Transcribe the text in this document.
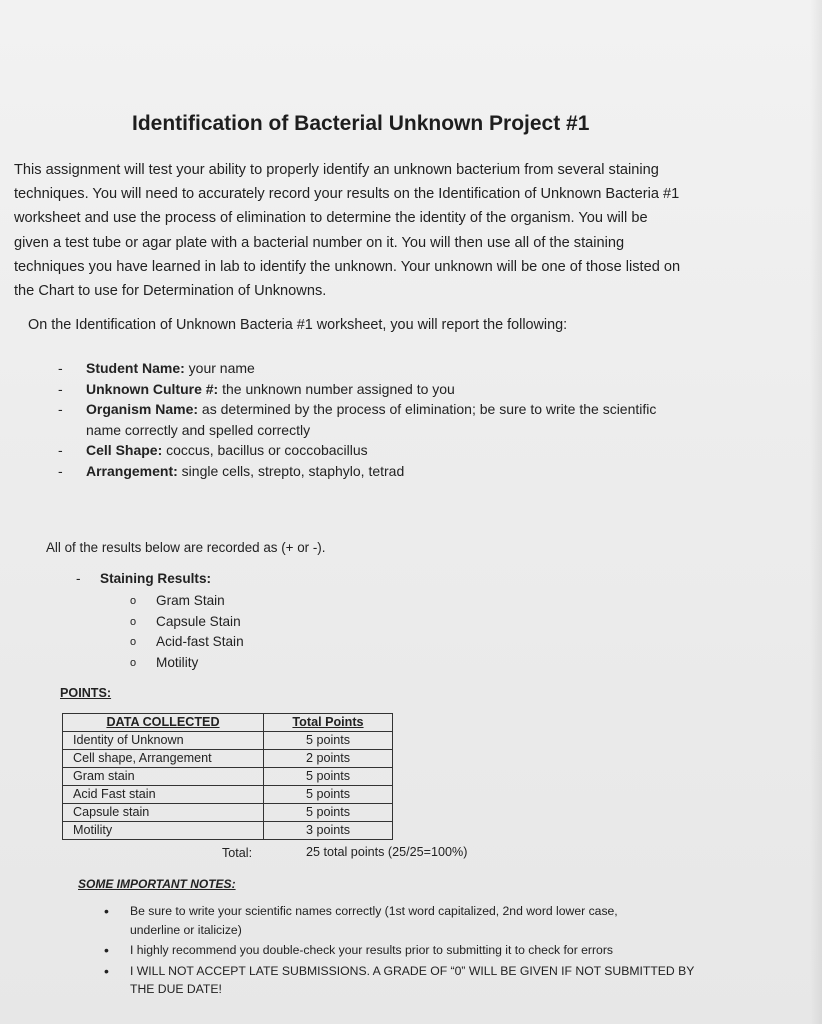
Identification of Bacterial Unknown Project #1
This assignment will test your ability to properly identify an unknown bacterium from several staining
techniques. You will need to accurately record your results on the Identification of Unknown Bacteria #1
worksheet and use the process of elimination to determine the identity of the organism. You will be
given a test tube or agar plate with a bacterial number on it. You will then use all of the staining
techniques you have learned in lab to identify the unknown. Your unknown will be one of those listed on
the Chart to use for Determination of Unknowns.
On the Identification of Unknown Bacteria #1 worksheet, you will report the following:
- Student Name: your name
- Unknown Culture #: the unknown number assigned to you
- Organism Name: as determined by the process of elimination; be sure to write the scientific
name correctly and spelled correctly
- Cell Shape: coccus, bacillus or coccobacillus
- Arrangement: single cells, strepto, staphylo, tetrad
All of the results below are recorded as (+ or -).
- Staining Results:
o Gram Stain
o Capsule Stain
o Acid-fast Stain
o Motility
POINTS:
DATA COLLECTED	Total Points
Identity of Unknown	5 points
Cell shape, Arrangement	2 points
Gram stain	5 points
Acid Fast stain	5 points
Capsule stain	5 points
Motility	3 points
Total:	25 total points (25/25=100%)
SOME IMPORTANT NOTES:
• Be sure to write your scientific names correctly (1st word capitalized, 2nd word lower case,
underline or italicize)
• I highly recommend you double-check your results prior to submitting it to check for errors
• I WILL NOT ACCEPT LATE SUBMISSIONS. A GRADE OF “0” WILL BE GIVEN IF NOT SUBMITTED BY
THE DUE DATE!
